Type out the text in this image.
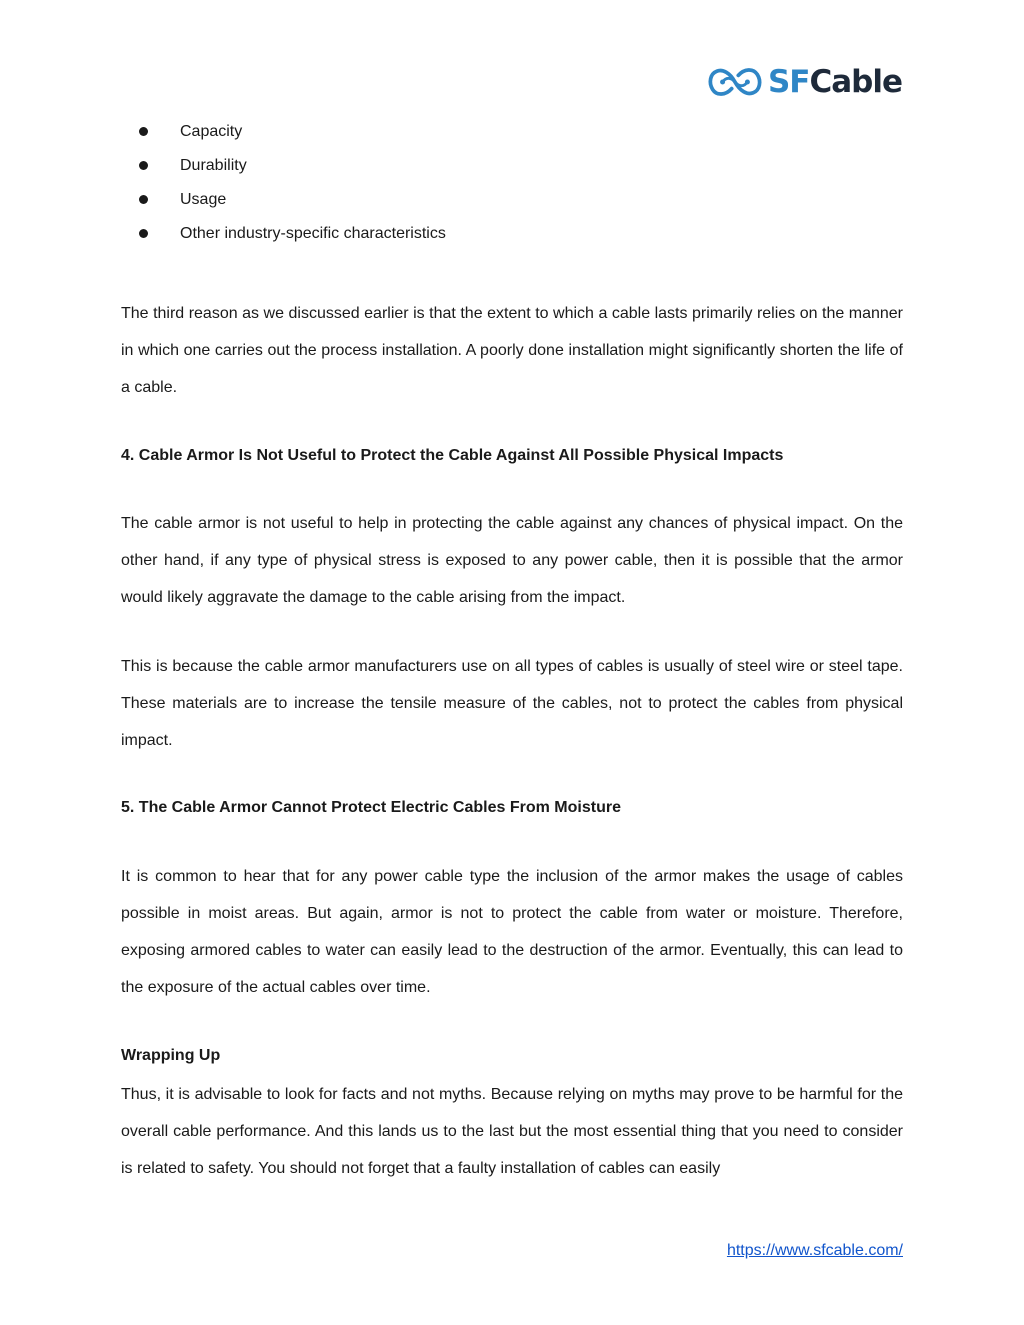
SFCable
Capacity
Durability
Usage
Other industry-specific characteristics

The third reason as we discussed earlier is that the extent to which a cable lasts primarily relies on the manner in which one carries out the process installation. A poorly done installation might significantly shorten the life of a cable.

4. Cable Armor Is Not Useful to Protect the Cable Against All Possible Physical Impacts

The cable armor is not useful to help in protecting the cable against any chances of physical impact. On the other hand, if any type of physical stress is exposed to any power cable, then it is possible that the armor would likely aggravate the damage to the cable arising from the impact.

This is because the cable armor manufacturers use on all types of cables is usually of steel wire or steel tape. These materials are to increase the tensile measure of the cables, not to protect the cables from physical impact.

5. The Cable Armor Cannot Protect Electric Cables From Moisture

It is common to hear that for any power cable type the inclusion of the armor makes the usage of cables possible in moist areas. But again, armor is not to protect the cable from water or moisture. Therefore, exposing armored cables to water can easily lead to the destruction of the armor. Eventually, this can lead to the exposure of the actual cables over time.

Wrapping Up

Thus, it is advisable to look for facts and not myths. Because relying on myths may prove to be harmful for the overall cable performance. And this lands us to the last but the most essential thing that you need to consider is related to safety. You should not forget that a faulty installation of cables can easily

https://www.sfcable.com/
